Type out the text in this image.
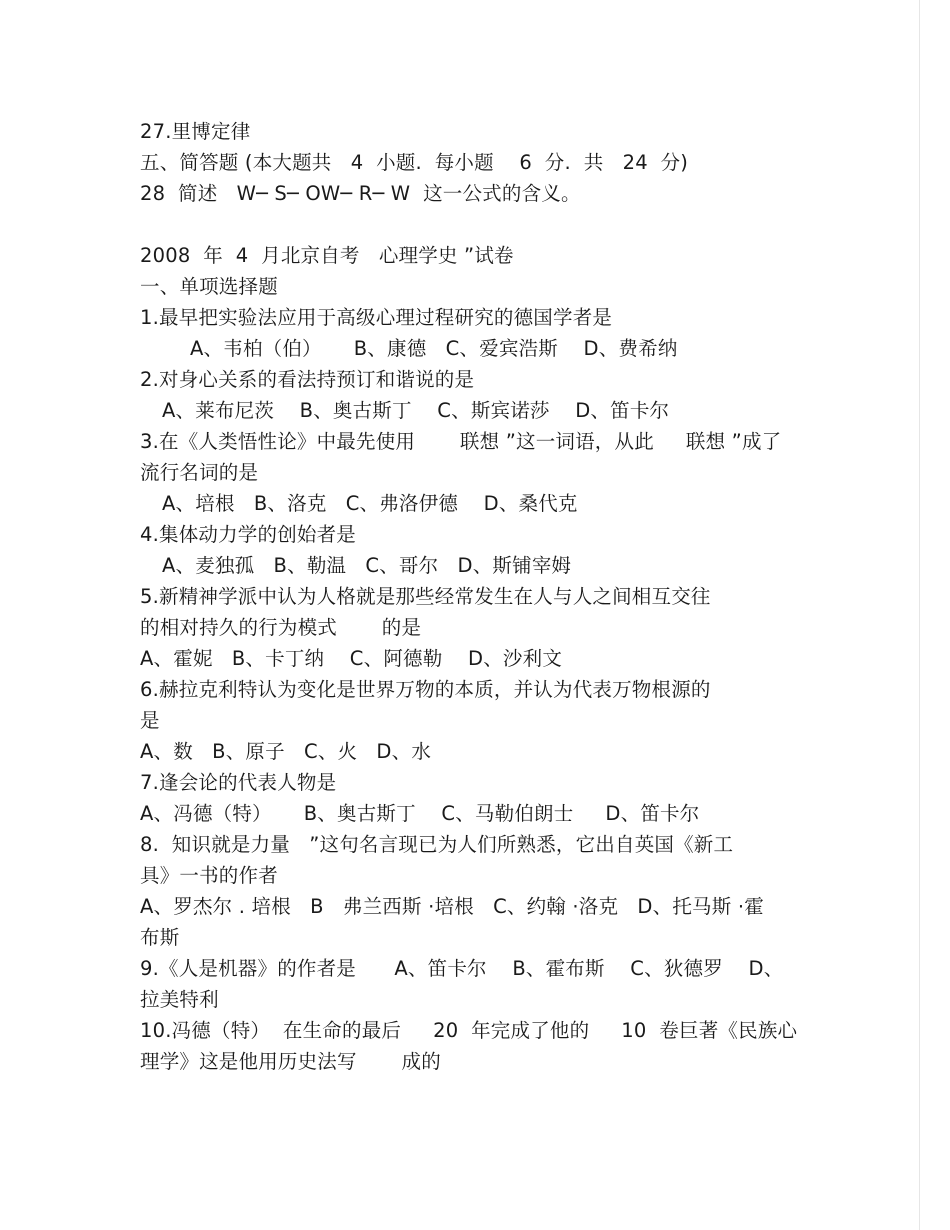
27.里博定律
五、简答题 (本大题共   4  小题.  每小题    6  分.  共   24  分)
28  简述   W─ S─ OW─ R─ W  这一公式的含义。
2008  年  4  月北京自考   心理学史 ”试卷
一、单项选择题
1.最早把实验法应用于高级心理过程研究的德国学者是
A、韦柏（伯）     B、康德   C、爱宾浩斯    D、费希纳
2.对身心关系的看法持预订和谐说的是
A、莱布尼茨    B、奥古斯丁    C、斯宾诺莎    D、笛卡尔
3.在《人类悟性论》中最先使用       联想 ”这一词语，从此     联想 ”成了
流行名词的是
A、培根   B、洛克   C、弗洛伊德    D、桑代克
4.集体动力学的创始者是
A、麦独孤   B、勒温   C、哥尔   D、斯铺宰姆
5.新精神学派中认为人格就是那些经常发生在人与人之间相互交往
的相对持久的行为模式       的是
A、霍妮   B、卡丁纳    C、阿德勒    D、沙利文
6.赫拉克利特认为变化是世界万物的本质，并认为代表万物根源的
是
A、数   B、原子   C、火   D、水
7.逢会论的代表人物是
A、冯德（特）     B、奥古斯丁    C、马勒伯朗士     D、笛卡尔
8.  知识就是力量   ”这句名言现已为人们所熟悉，它出自英国《新工
具》一书的作者
A、罗杰尔 . 培根   B   弗兰西斯 ·培根   C、约翰 ·洛克   D、托马斯 ·霍
布斯
9.《人是机器》的作者是      A、笛卡尔    B、霍布斯    C、狄德罗    D、
拉美特利
10.冯德（特）  在生命的最后     20  年完成了他的     10  卷巨著《民族心
理学》这是他用历史法写       成的
